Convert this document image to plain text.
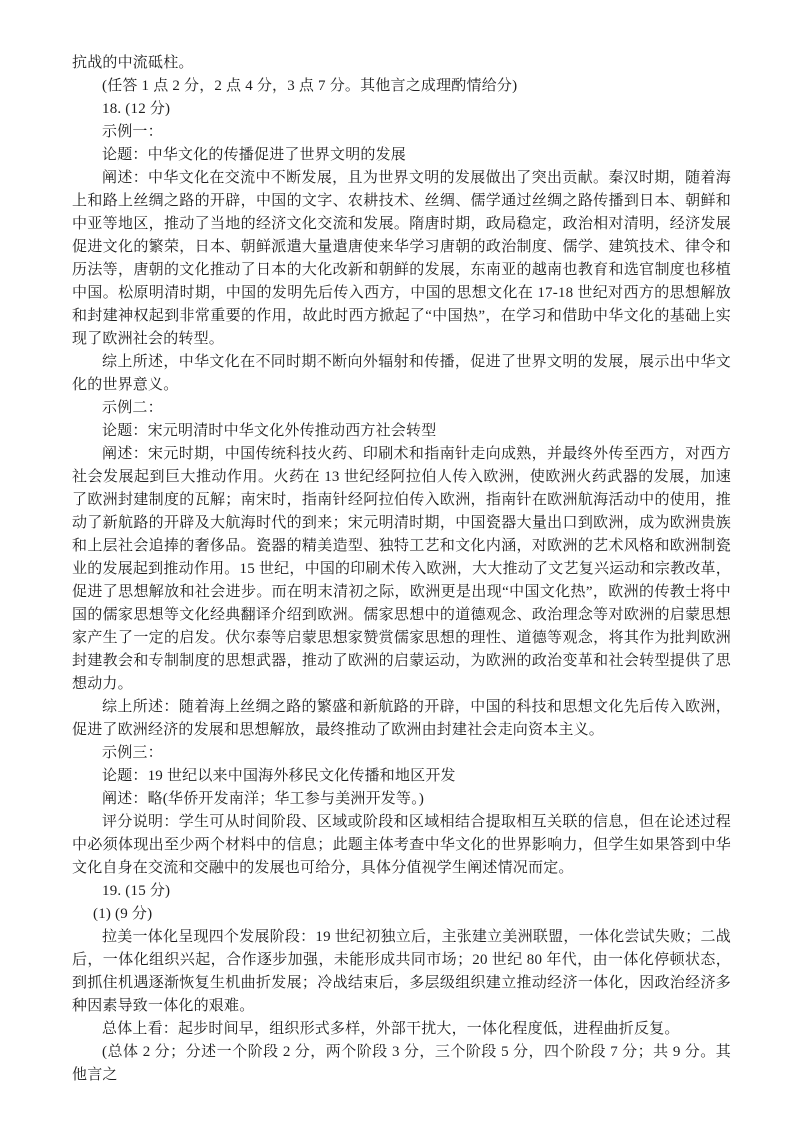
抗战的中流砥柱。

(任答 1 点 2 分，2 点 4 分，3 点 7 分。其他言之成理酌情给分)

18. (12 分)

示例一：

论题：中华文化的传播促进了世界文明的发展

阐述：中华文化在交流中不断发展，且为世界文明的发展做出了突出贡献。秦汉时期，随着海上和路上丝绸之路的开辟，中国的文字、农耕技术、丝绸、儒学通过丝绸之路传播到日本、朝鲜和中亚等地区，推动了当地的经济文化交流和发展。隋唐时期，政局稳定，政治相对清明，经济发展促进文化的繁荣，日本、朝鲜派遣大量遣唐使来华学习唐朝的政治制度、儒学、建筑技术、律令和历法等，唐朝的文化推动了日本的大化改新和朝鲜的发展，东南亚的越南也教育和选官制度也移植中国。松原明清时期，中国的发明先后传入西方，中国的思想文化在 17-18 世纪对西方的思想解放和封建神权起到非常重要的作用，故此时西方掀起了“中国热”，在学习和借助中华文化的基础上实现了欧洲社会的转型。

综上所述，中华文化在不同时期不断向外辐射和传播，促进了世界文明的发展，展示出中华文化的世界意义。

示例二：

论题：宋元明清时中华文化外传推动西方社会转型

阐述：宋元时期，中国传统科技火药、印刷术和指南针走向成熟，并最终外传至西方，对西方社会发展起到巨大推动作用。火药在 13 世纪经阿拉伯人传入欧洲，使欧洲火药武器的发展，加速了欧洲封建制度的瓦解；南宋时，指南针经阿拉伯传入欧洲，指南针在欧洲航海活动中的使用，推动了新航路的开辟及大航海时代的到来；宋元明清时期，中国瓷器大量出口到欧洲，成为欧洲贵族和上层社会追捧的奢侈品。瓷器的精美造型、独特工艺和文化内涵，对欧洲的艺术风格和欧洲制瓷业的发展起到推动作用。15 世纪，中国的印刷术传入欧洲，大大推动了文艺复兴运动和宗教改革，促进了思想解放和社会进步。而在明末清初之际，欧洲更是出现“中国文化热”，欧洲的传教士将中国的儒家思想等文化经典翻译介绍到欧洲。儒家思想中的道德观念、政治理念等对欧洲的启蒙思想家产生了一定的启发。伏尔泰等启蒙思想家赞赏儒家思想的理性、道德等观念，将其作为批判欧洲封建教会和专制制度的思想武器，推动了欧洲的启蒙运动，为欧洲的政治变革和社会转型提供了思想动力。

综上所述：随着海上丝绸之路的繁盛和新航路的开辟，中国的科技和思想文化先后传入欧洲，促进了欧洲经济的发展和思想解放，最终推动了欧洲由封建社会走向资本主义。

示例三：

论题：19 世纪以来中国海外移民文化传播和地区开发

阐述：略(华侨开发南洋；华工参与美洲开发等。)

评分说明：学生可从时间阶段、区域或阶段和区域相结合提取相互关联的信息，但在论述过程中必须体现出至少两个材料中的信息；此题主体考查中华文化的世界影响力，但学生如果答到中华文化自身在交流和交融中的发展也可给分，具体分值视学生阐述情况而定。

19. (15 分)

(1) (9 分)

拉美一体化呈现四个发展阶段：19 世纪初独立后，主张建立美洲联盟，一体化尝试失败；二战后，一体化组织兴起，合作逐步加强，未能形成共同市场；20 世纪 80 年代，由一体化停顿状态，到抓住机遇逐渐恢复生机曲折发展；冷战结束后，多层级组织建立推动经济一体化，因政治经济多种因素导致一体化的艰难。

总体上看：起步时间早，组织形式多样，外部干扰大，一体化程度低，进程曲折反复。

(总体 2 分；分述一个阶段 2 分，两个阶段 3 分，三个阶段 5 分，四个阶段 7 分；共 9 分。其他言之
